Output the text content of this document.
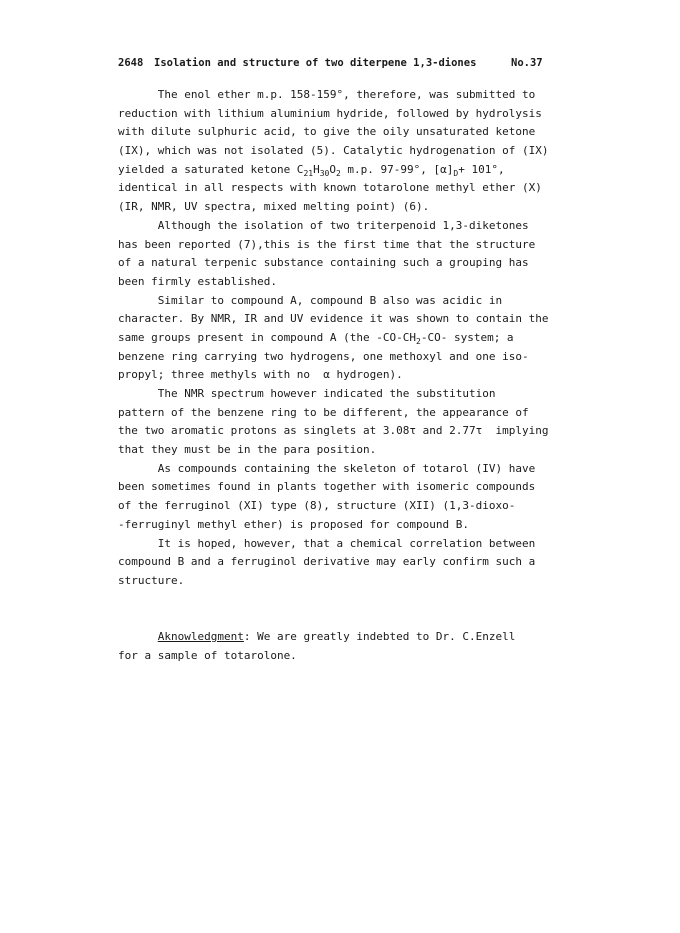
2648 Isolation and structure of two diterpene 1,3-diones	No.37
The enol ether m.p. 158-159°, therefore, was submitted to
reduction with lithium aluminium hydride, followed by hydrolysis
with dilute sulphuric acid, to give the oily unsaturated ketone
(IX), which was not isolated (5). Catalytic hydrogenation of (IX)
yielded a saturated ketone $C_{21}H_{30}O_2$ m.p. 97-99°, $[\alpha]_D+ 101^\circ$,
identical in all respects with known totarolone methyl ether (X)
(IR, NMR, UV spectra, mixed melting point) (6).
Although the isolation of two triterpenoid 1,3-diketones
has been reported (7),this is the first time that the structure
of a natural terpenic substance containing such a grouping has
been firmly established.
Similar to compound A, compound B also was acidic in
character. By NMR, IR and UV evidence it was shown to contain the
same groups present in compound A (the $-CO-CH_2-CO-$ system; a
benzene ring carrying two hydrogens, one methoxyl and one iso-
propyl; three methyls with no  α hydrogen).
The NMR spectrum however indicated the substitution
pattern of the benzene ring to be different, the appearance of
the two aromatic protons as singlets at 3.08τ and 2.77τ  implying
that they must be in the para position.
As compounds containing the skeleton of totarol (IV) have
been sometimes found in plants together with isomeric compounds
of the ferruginol (XI) type (8), structure (XII) (1,3-dioxo-
-ferruginyl methyl ether) is proposed for compound B.
It is hoped, however, that a chemical correlation between
compound B and a ferruginol derivative may early confirm such a
structure.
Aknowledgment: We are greatly indebted to Dr. C.Enzell
for a sample of totarolone.
